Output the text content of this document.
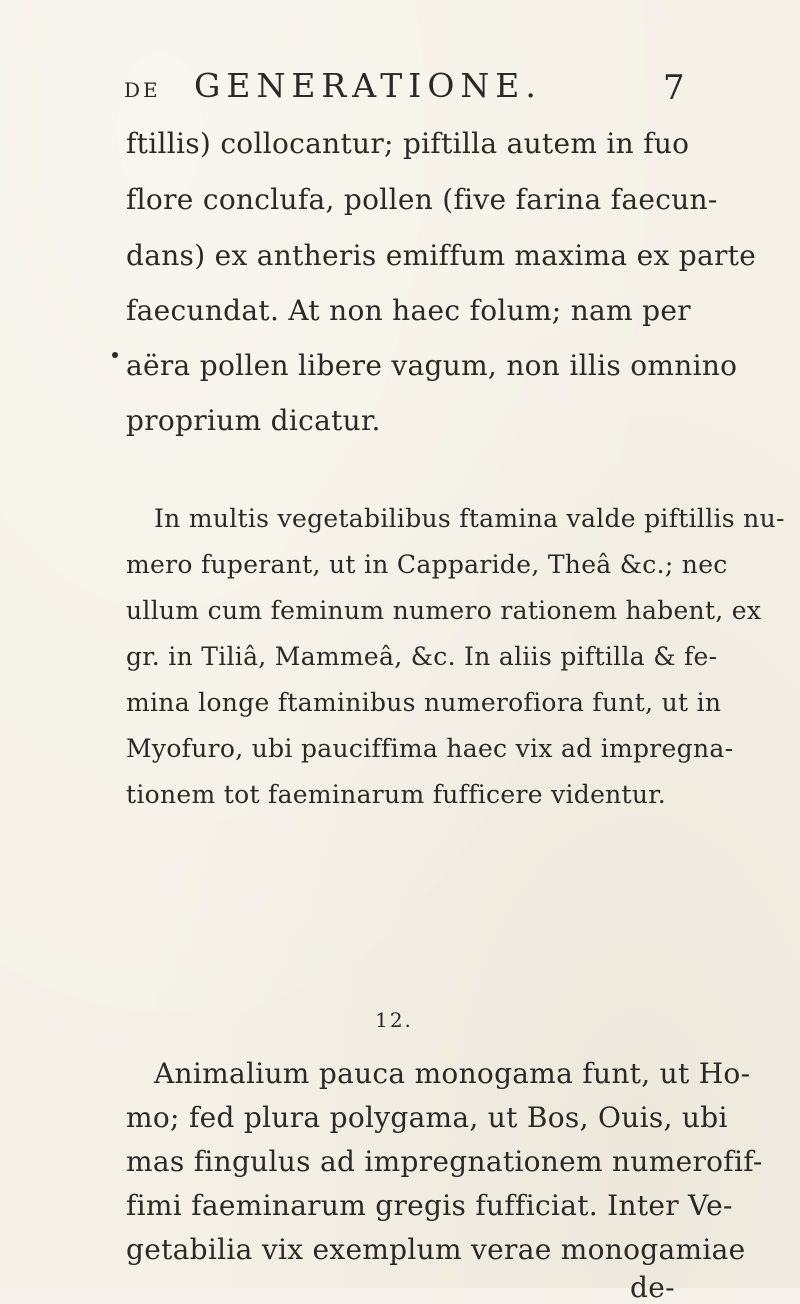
DE GENERATIONE.	7
ftillis) collocantur; piftilla autem in fuo
flore conclufa, pollen (five farina faecun-
dans) ex antheris emiffum maxima ex parte
faecundat. At non haec folum; nam per
aëra pollen libere vagum, non illis omnino
proprium dicatur.
In multis vegetabilibus ftamina valde piftillis nu-
mero fuperant, ut in Capparide, Theâ &c.; nec
ullum cum feminum numero rationem habent, ex
gr. in Tiliâ, Mammeâ, &c. In aliis piftilla & fe-
mina longe ftaminibus numerofiora funt, ut in
Myofuro, ubi pauciffima haec vix ad impregna-
tionem tot faeminarum fufficere videntur.
12.
Animalium pauca monogama funt, ut Ho-
mo; fed plura polygama, ut Bos, Ouis, ubi
mas fingulus ad impregnationem numerofif-
fimi faeminarum gregis fufficiat. Inter Ve-
getabilia vix exemplum verae monogamiae
de-
